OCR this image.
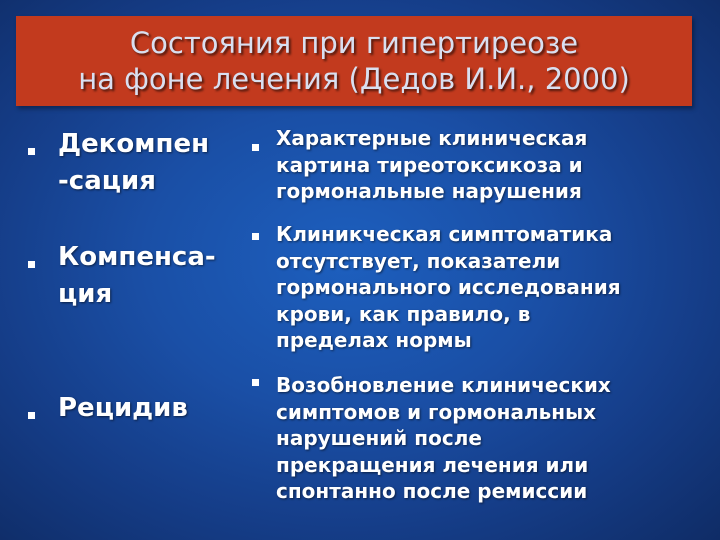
Состояния при гипертиреозе
на фоне лечения (Дедов И.И., 2000)
Декомпен
-сация
Компенса-
ция
Рецидив
Характерные клиническая
картина тиреотоксикоза и
гормональные нарушения
Клиникческая симптоматика
отсутствует, показатели
гормонального исследования
крови, как правило, в
пределах нормы
Возобновление клинических
симптомов и гормональных
нарушений после
прекращения лечения или
спонтанно после ремиссии
